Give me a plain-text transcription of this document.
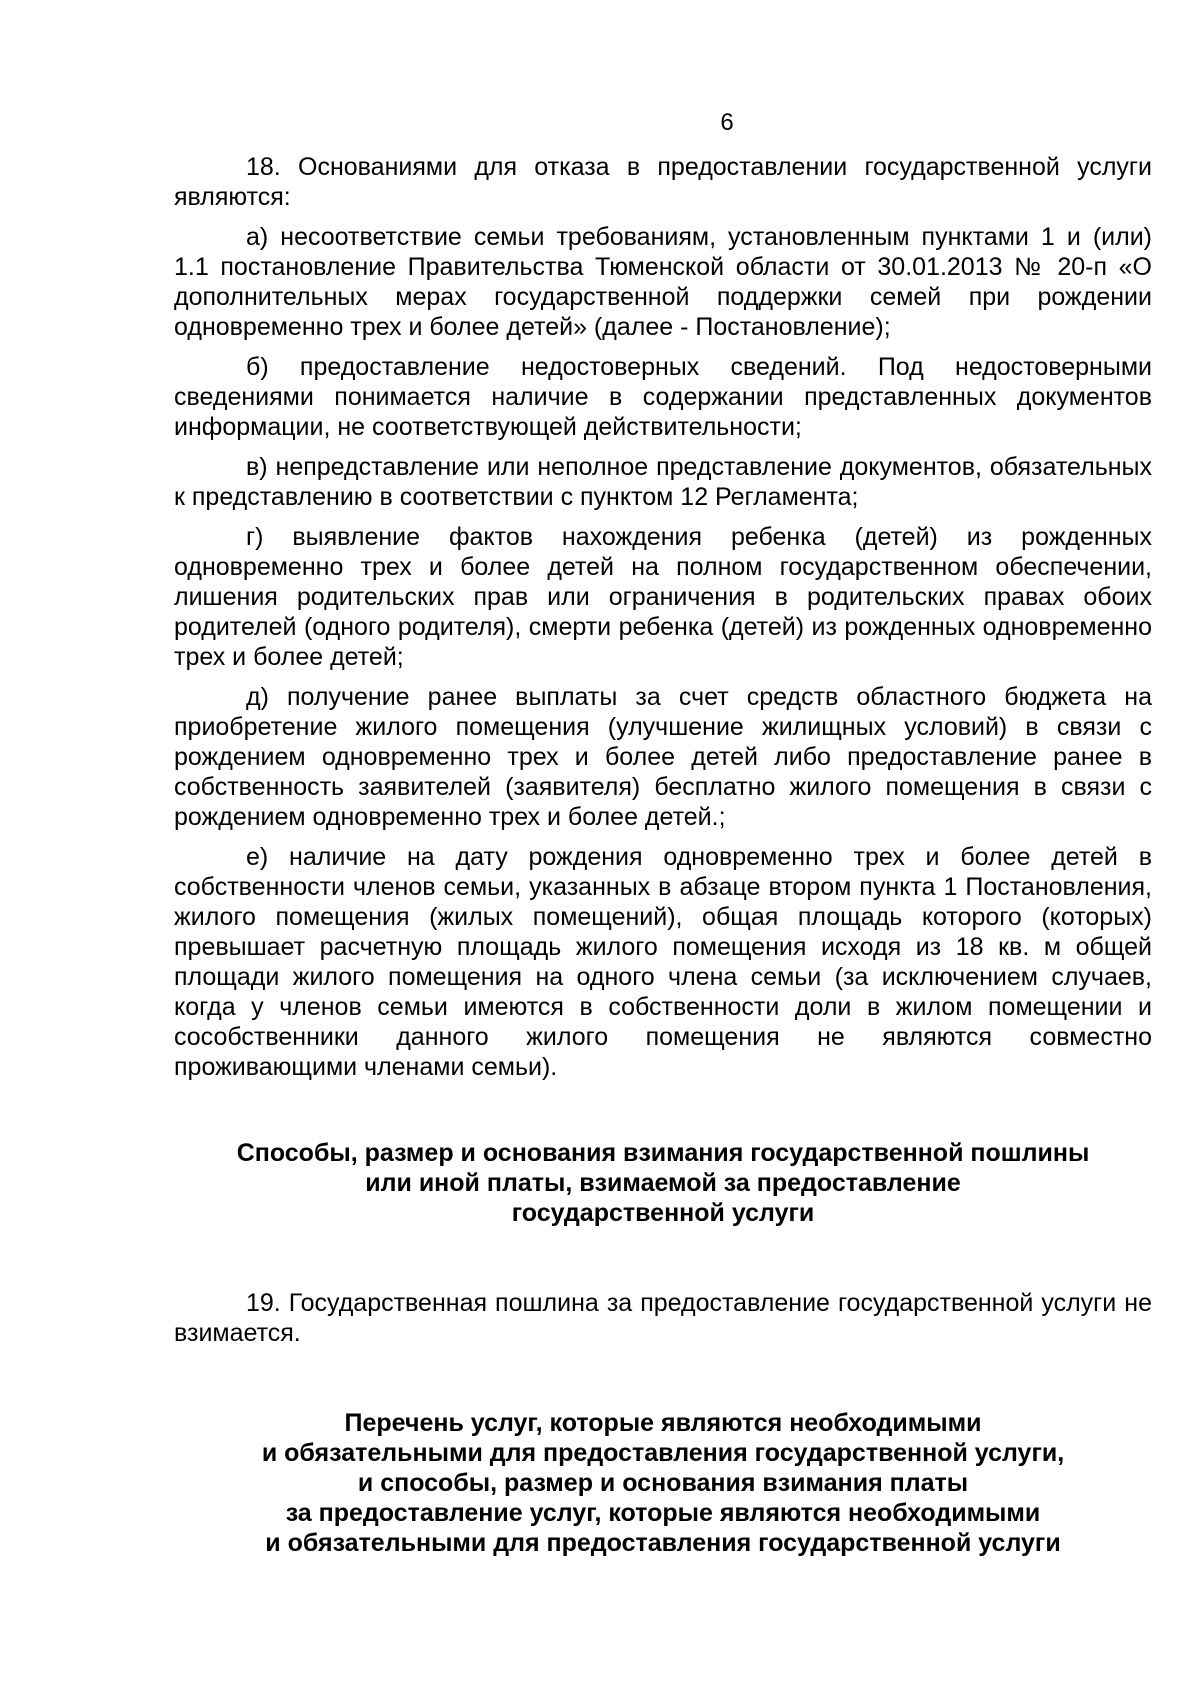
6

18. Основаниями для отказа в предоставлении государственной услуги являются:

а) несоответствие семьи требованиям, установленным пунктами 1 и (или) 1.1 постановление Правительства Тюменской области от 30.01.2013 № 20-п «О дополнительных мерах государственной поддержки семей при рождении одновременно трех и более детей» (далее - Постановление);

б) предоставление недостоверных сведений. Под недостоверными сведениями понимается наличие в содержании представленных документов информации, не соответствующей действительности;

в) непредставление или неполное представление документов, обязательных к представлению в соответствии с пунктом 12 Регламента;

г) выявление фактов нахождения ребенка (детей) из рожденных одновременно трех и более детей на полном государственном обеспечении, лишения родительских прав или ограничения в родительских правах обоих родителей (одного родителя), смерти ребенка (детей) из рожденных одновременно трех и более детей;

д) получение ранее выплаты за счет средств областного бюджета на приобретение жилого помещения (улучшение жилищных условий) в связи с рождением одновременно трех и более детей либо предоставление ранее в собственность заявителей (заявителя) бесплатно жилого помещения в связи с рождением одновременно трех и более детей.;

е) наличие на дату рождения одновременно трех и более детей в собственности членов семьи, указанных в абзаце втором пункта 1 Постановления, жилого помещения (жилых помещений), общая площадь которого (которых) превышает расчетную площадь жилого помещения исходя из 18 кв. м общей площади жилого помещения на одного члена семьи (за исключением случаев, когда у членов семьи имеются в собственности доли в жилом помещении и сособственники данного жилого помещения не являются совместно проживающими членами семьи).

Способы, размер и основания взимания государственной пошлины
или иной платы, взимаемой за предоставление
государственной услуги

19. Государственная пошлина за предоставление государственной услуги не взимается.

Перечень услуг, которые являются необходимыми
и обязательными для предоставления государственной услуги,
и способы, размер и основания взимания платы
за предоставление услуг, которые являются необходимыми
и обязательными для предоставления государственной услуги
